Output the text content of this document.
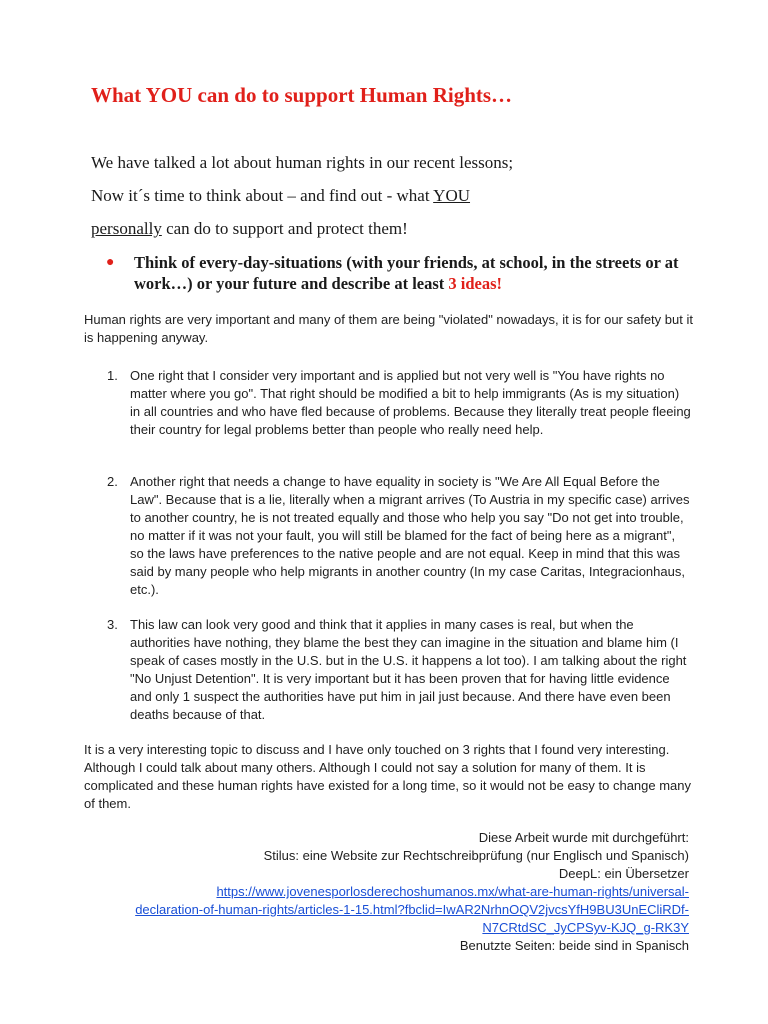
What YOU can do to support Human Rights…

We have talked a lot about human rights in our recent lessons;
Now it´s time to think about – and find out - what YOU
personally can do to support and protect them!

● Think of every-day-situations (with your friends, at school, in the streets or at work…) or your future and describe at least 3 ideas!

Human rights are very important and many of them are being "violated" nowadays, it is for our safety but it is happening anyway.

1. One right that I consider very important and is applied but not very well is "You have rights no matter where you go". That right should be modified a bit to help immigrants (As is my situation) in all countries and who have fled because of problems. Because they literally treat people fleeing their country for legal problems better than people who really need help.
2. Another right that needs a change to have equality in society is "We Are All Equal Before the Law". Because that is a lie, literally when a migrant arrives (To Austria in my specific case) arrives to another country, he is not treated equally and those who help you say "Do not get into trouble, no matter if it was not your fault, you will still be blamed for the fact of being here as a migrant", so the laws have preferences to the native people and are not equal. Keep in mind that this was said by many people who help migrants in another country (In my case Caritas, Integracionhaus, etc.).
3. This law can look very good and think that it applies in many cases is real, but when the authorities have nothing, they blame the best they can imagine in the situation and blame him (I speak of cases mostly in the U.S. but in the U.S. it happens a lot too). I am talking about the right "No Unjust Detention". It is very important but it has been proven that for having little evidence and only 1 suspect the authorities have put him in jail just because. And there have even been deaths because of that.

It is a very interesting topic to discuss and I have only touched on 3 rights that I found very interesting. Although I could talk about many others. Although I could not say a solution for many of them. It is complicated and these human rights have existed for a long time, so it would not be easy to change many of them.

Diese Arbeit wurde mit durchgeführt:
Stilus: eine Website zur Rechtschreibprüfung (nur Englisch und Spanisch)
DeepL: ein Übersetzer
https://www.jovenesporlosderechoshumanos.mx/what-are-human-rights/universal-
declaration-of-human-rights/articles-1-15.html?fbclid=IwAR2NrhnOQV2jvcsYfH9BU3UnECliRDf-
N7CRtdSC_JyCPSyv-KJQ_g-RK3Y
Benutzte Seiten: beide sind in Spanisch
